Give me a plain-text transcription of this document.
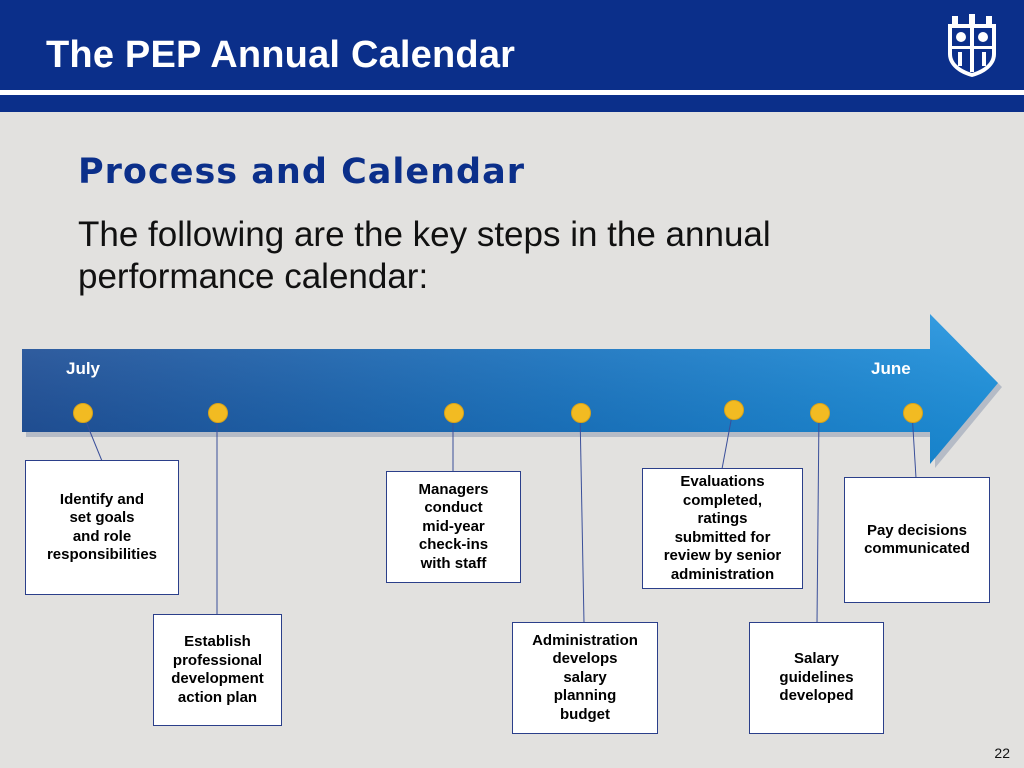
The PEP Annual Calendar
Process and Calendar
The following are the key steps in the annual performance calendar:
July	June
Identify and
set goals
and role
responsibilities
Establish
professional
development
action plan
Managers
conduct
mid-year
check-ins
with staff
Administration
develops
salary
planning
budget
Evaluations
completed,
ratings
submitted for
review by senior
administration
Salary
guidelines
developed
Pay decisions
communicated
22
